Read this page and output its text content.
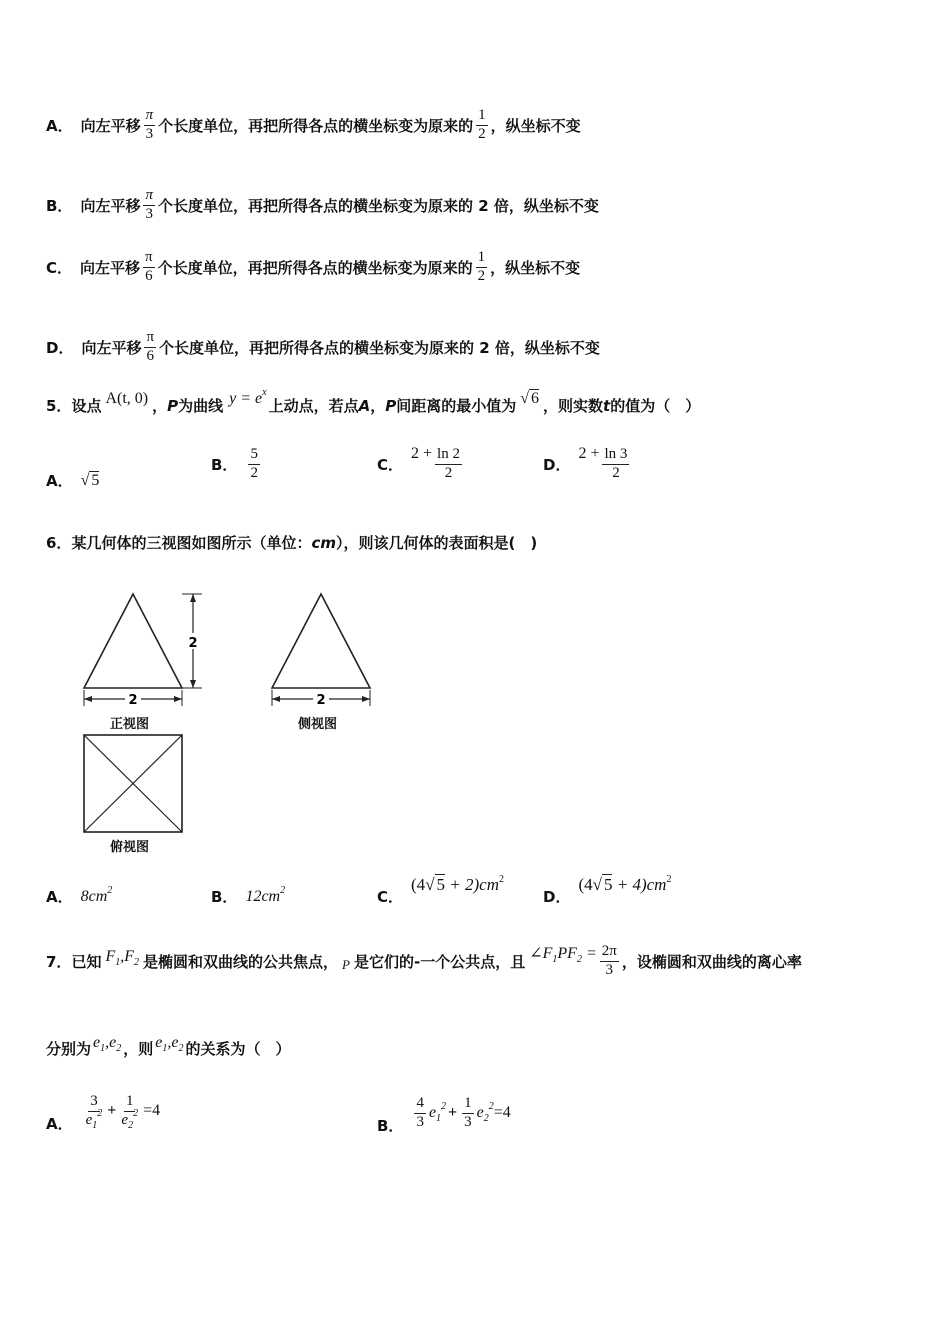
A． 向左平移 $\frac{\pi}{3}$ 个长度单位，再把所得各点的横坐标变为原来的 $\frac{1}{2}$ ，纵坐标不变
B． 向左平移 $\frac{\pi}{3}$ 个长度单位，再把所得各点的横坐标变为原来的 2 倍，纵坐标不变
C． 向左平移 $\frac{\pi}{6}$ 个长度单位，再把所得各点的横坐标变为原来的 $\frac{1}{2}$ ，纵坐标不变
D． 向左平移 $\frac{\pi}{6}$ 个长度单位，再把所得各点的横坐标变为原来的 2 倍，纵坐标不变
5． 设点 A(t, 0) ， P 为曲线 $y = e^x$
上动点，若点 A ， P 间距离的最小值为 √ 6 ，则实数 t 的值为（　）
A． √ 5
B． $\frac{5}{2}$	C．
$2 + \frac{\ln 2}{2}$	D．
$2 + \frac{\ln 3}{2}$
6． 某几何体的三视图如图所示（单位： cm ），则该几何体的表面积是(　)
2
2
2
正视图	侧视图
俯视图
A． $8cm^2$	B． $12cm^2$	C．
(4√ $5 + 2)cm^2$
D．
(4√ $5 + 4)cm^2$
7． 已知 $F_1,F_2$ 是椭圆和双曲线的公共焦点， P 是它们的-一个公共点，且 $\angle F_1PF_2 = \frac{2\pi}{3}$ ，设椭圆和双曲线的离心率
分别为 $e_1,e_2$ ，则 $e_1,e_2$ 的关系为（　）
A． $\frac{3}{e_1^2} + \frac{1}{e_2^2} =4$
B． $\frac{4}{3} e_1^2 + \frac{1}{3} e_2^2 =4$
